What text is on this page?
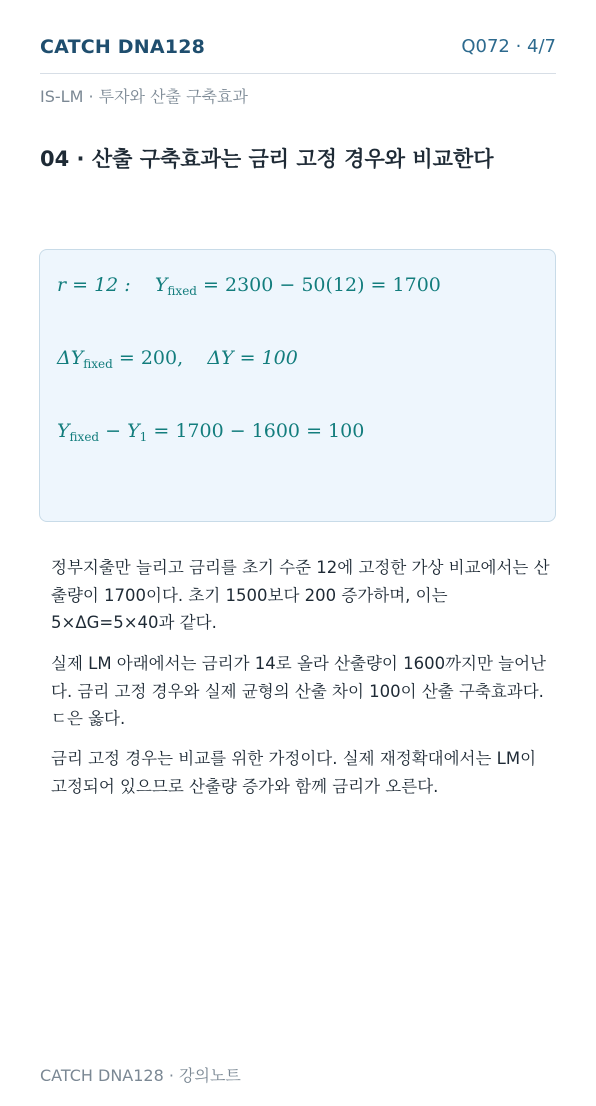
CATCH DNA128	Q072 · 4/7
IS-LM · 투자와 산출 구축효과
04 · 산출 구축효과는 금리 고정 경우와 비교한다
r = 12 : $Y_{fixed} = 2300 - 50(12) = 1700$
$\Delta Y_{fixed} = 200$, ΔY = 100
$Y_{fixed} - Y_1 = 1700 - 1600 = 100$

정부지출만 늘리고 금리를 초기 수준 12에 고정한 가상 비교에서는 산출량이 1700이다. 초기 1500보다 200 증가하며, 이는 5×ΔG=5×40과 같다.

실제 LM 아래에서는 금리가 14로 올라 산출량이 1600까지만 늘어난다. 금리 고정 경우와 실제 균형의 산출 차이 100이 산출 구축효과다. ㄷ은 옳다.

금리 고정 경우는 비교를 위한 가정이다. 실제 재정확대에서는 LM이 고정되어 있으므로 산출량 증가와 함께 금리가 오른다.

CATCH DNA128 · 강의노트
